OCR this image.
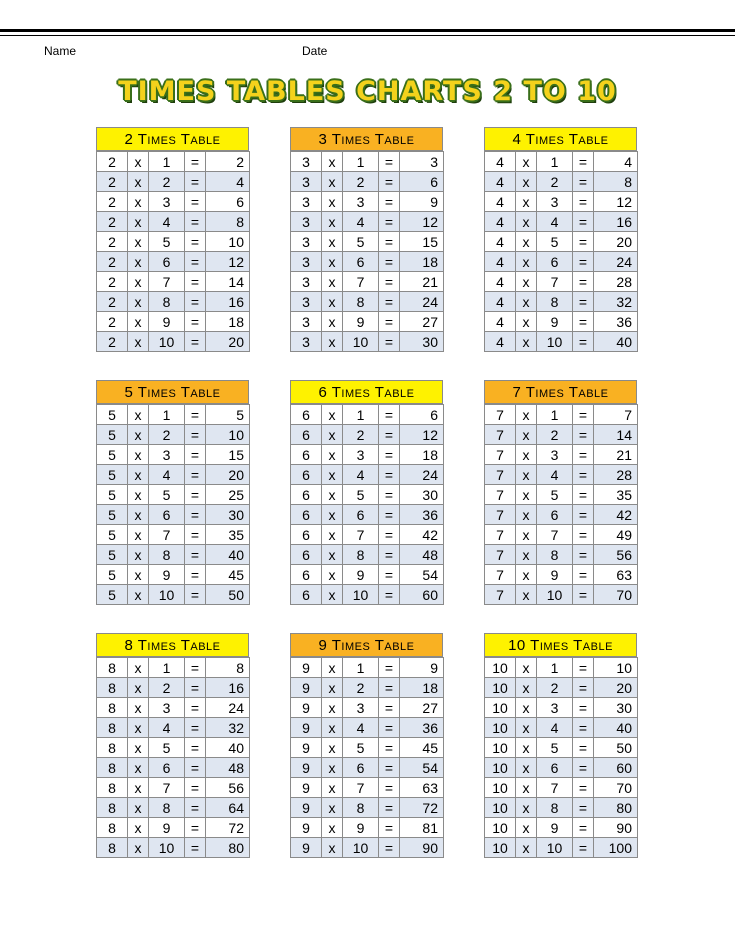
Name	Date
TIMES TABLES CHARTS 2 TO 10
2 Times Table
2	x	1	=	2
2	x	2	=	4
2	x	3	=	6
2	x	4	=	8
2	x	5	=	10
2	x	6	=	12
2	x	7	=	14
2	x	8	=	16
2	x	9	=	18
2	x	10	=	20
3 Times Table
3	x	1	=	3
3	x	2	=	6
3	x	3	=	9
3	x	4	=	12
3	x	5	=	15
3	x	6	=	18
3	x	7	=	21
3	x	8	=	24
3	x	9	=	27
3	x	10	=	30
4 Times Table
4	x	1	=	4
4	x	2	=	8
4	x	3	=	12
4	x	4	=	16
4	x	5	=	20
4	x	6	=	24
4	x	7	=	28
4	x	8	=	32
4	x	9	=	36
4	x	10	=	40
5 Times Table
5	x	1	=	5
5	x	2	=	10
5	x	3	=	15
5	x	4	=	20
5	x	5	=	25
5	x	6	=	30
5	x	7	=	35
5	x	8	=	40
5	x	9	=	45
5	x	10	=	50
6 Times Table
6	x	1	=	6
6	x	2	=	12
6	x	3	=	18
6	x	4	=	24
6	x	5	=	30
6	x	6	=	36
6	x	7	=	42
6	x	8	=	48
6	x	9	=	54
6	x	10	=	60
7 Times Table
7	x	1	=	7
7	x	2	=	14
7	x	3	=	21
7	x	4	=	28
7	x	5	=	35
7	x	6	=	42
7	x	7	=	49
7	x	8	=	56
7	x	9	=	63
7	x	10	=	70
8 Times Table
8	x	1	=	8
8	x	2	=	16
8	x	3	=	24
8	x	4	=	32
8	x	5	=	40
8	x	6	=	48
8	x	7	=	56
8	x	8	=	64
8	x	9	=	72
8	x	10	=	80
9 Times Table
9	x	1	=	9
9	x	2	=	18
9	x	3	=	27
9	x	4	=	36
9	x	5	=	45
9	x	6	=	54
9	x	7	=	63
9	x	8	=	72
9	x	9	=	81
9	x	10	=	90
10 Times Table
10	x	1	=	10
10	x	2	=	20
10	x	3	=	30
10	x	4	=	40
10	x	5	=	50
10	x	6	=	60
10	x	7	=	70
10	x	8	=	80
10	x	9	=	90
10	x	10	=	100
